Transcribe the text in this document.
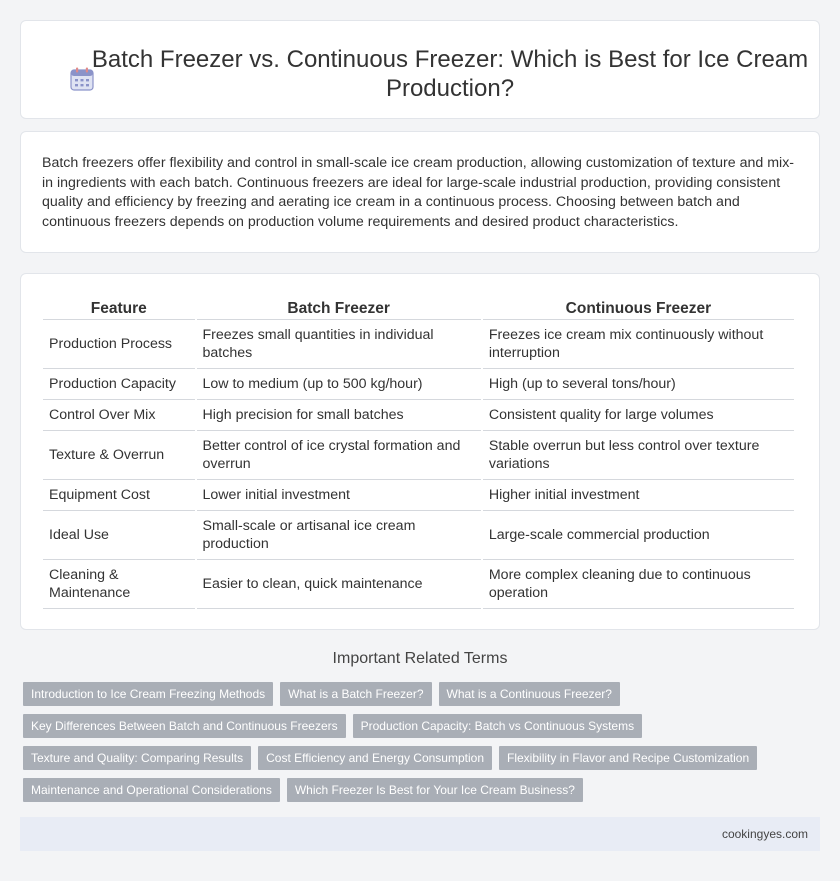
Batch Freezer vs. Continuous Freezer: Which is Best for Ice Cream Production?

Batch freezers offer flexibility and control in small-scale ice cream production, allowing customization of texture and mix-in ingredients with each batch. Continuous freezers are ideal for large-scale industrial production, providing consistent quality and efficiency by freezing and aerating ice cream in a continuous process. Choosing between batch and continuous freezers depends on production volume requirements and desired product characteristics.

Feature	Batch Freezer	Continuous Freezer
Production Process	Freezes small quantities in individual batches	Freezes ice cream mix continuously without interruption
Production Capacity	Low to medium (up to 500 kg/hour)	High (up to several tons/hour)
Control Over Mix	High precision for small batches	Consistent quality for large volumes
Texture & Overrun	Better control of ice crystal formation and overrun	Stable overrun but less control over texture variations
Equipment Cost	Lower initial investment	Higher initial investment
Ideal Use	Small-scale or artisanal ice cream production	Large-scale commercial production
Cleaning & Maintenance	Easier to clean, quick maintenance	More complex cleaning due to continuous operation
Important Related Terms
Introduction to Ice Cream Freezing Methods	What is a Batch Freezer?	What is a Continuous Freezer?
Key Differences Between Batch and Continuous Freezers	Production Capacity: Batch vs Continuous Systems
Texture and Quality: Comparing Results	Cost Efficiency and Energy Consumption	Flexibility in Flavor and Recipe Customization
Maintenance and Operational Considerations	Which Freezer Is Best for Your Ice Cream Business?
cookingyes.com
